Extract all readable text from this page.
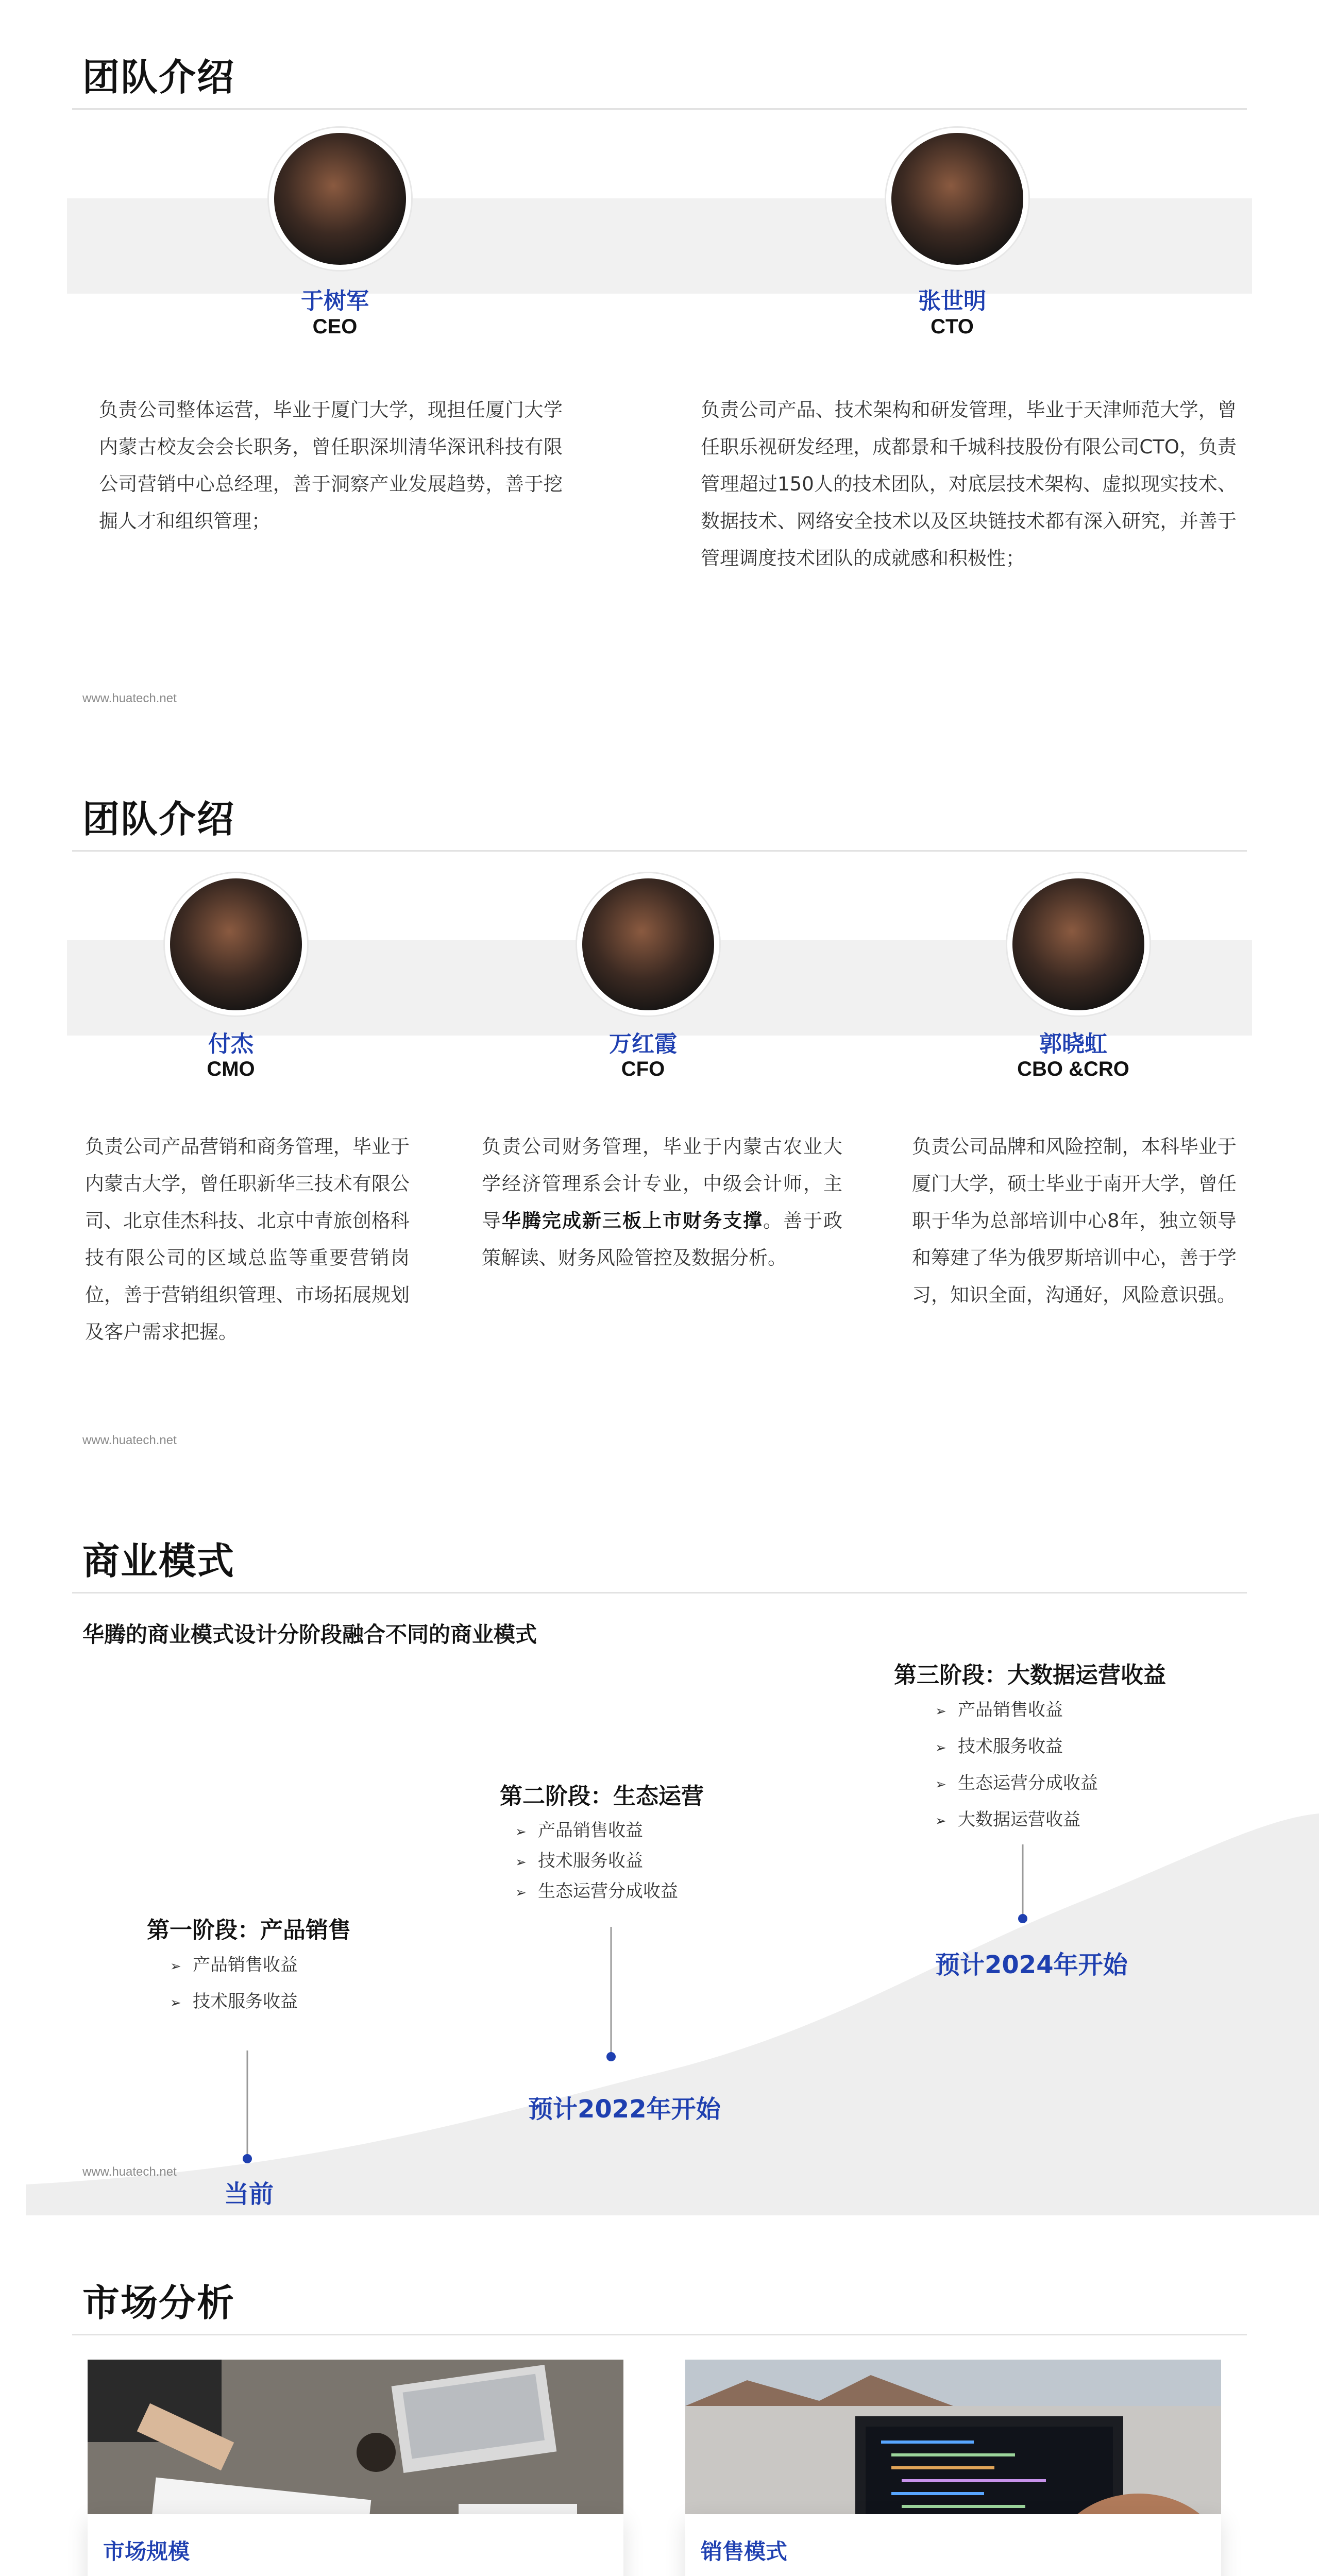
团队介绍
于树军
CEO
负责公司整体运营，毕业于厦门大学，现担任厦门大学内蒙古校友会会长职务，曾任职深圳清华深讯科技有限公司营销中心总经理，善于洞察产业发展趋势，善于挖掘人才和组织管理；
张世明
CTO
负责公司产品、技术架构和研发管理，毕业于天津师范大学，曾任职乐视研发经理，成都景和千城科技股份有限公司CTO，负责管理超过150人的技术团队，对底层技术架构、虚拟现实技术、数据技术、网络安全技术以及区块链技术都有深入研究，并善于管理调度技术团队的成就感和积极性；
www.huatech.net
团队介绍
付杰
CMO
负责公司产品营销和商务管理，毕业于内蒙古大学，曾任职新华三技术有限公司、北京佳杰科技、北京中青旅创格科技有限公司的区域总监等重要营销岗位，善于营销组织管理、市场拓展规划及客户需求把握。
万红霞
CFO
负责公司财务管理，毕业于内蒙古农业大学经济管理系会计专业，中级会计师，主导华腾完成新三板上市财务支撑。善于政策解读、财务风险管控及数据分析。
郭晓虹
CBO &CRO
负责公司品牌和风险控制，本科毕业于厦门大学，硕士毕业于南开大学，曾任职于华为总部培训中心8年，独立领导和筹建了华为俄罗斯培训中心，善于学习，知识全面，沟通好，风险意识强。
www.huatech.net
商业模式
华腾的商业模式设计分阶段融合不同的商业模式
第一阶段：产品销售
➢ 产品销售收益
➢ 技术服务收益
当前
第二阶段：生态运营
➢ 产品销售收益
➢ 技术服务收益
➢ 生态运营分成收益
预计2022年开始
第三阶段：大数据运营收益
➢ 产品销售收益
➢ 技术服务收益
➢ 生态运营分成收益
➢ 大数据运营收益
预计2024年开始
www.huatech.net
市场分析
市场规模	销售模式
